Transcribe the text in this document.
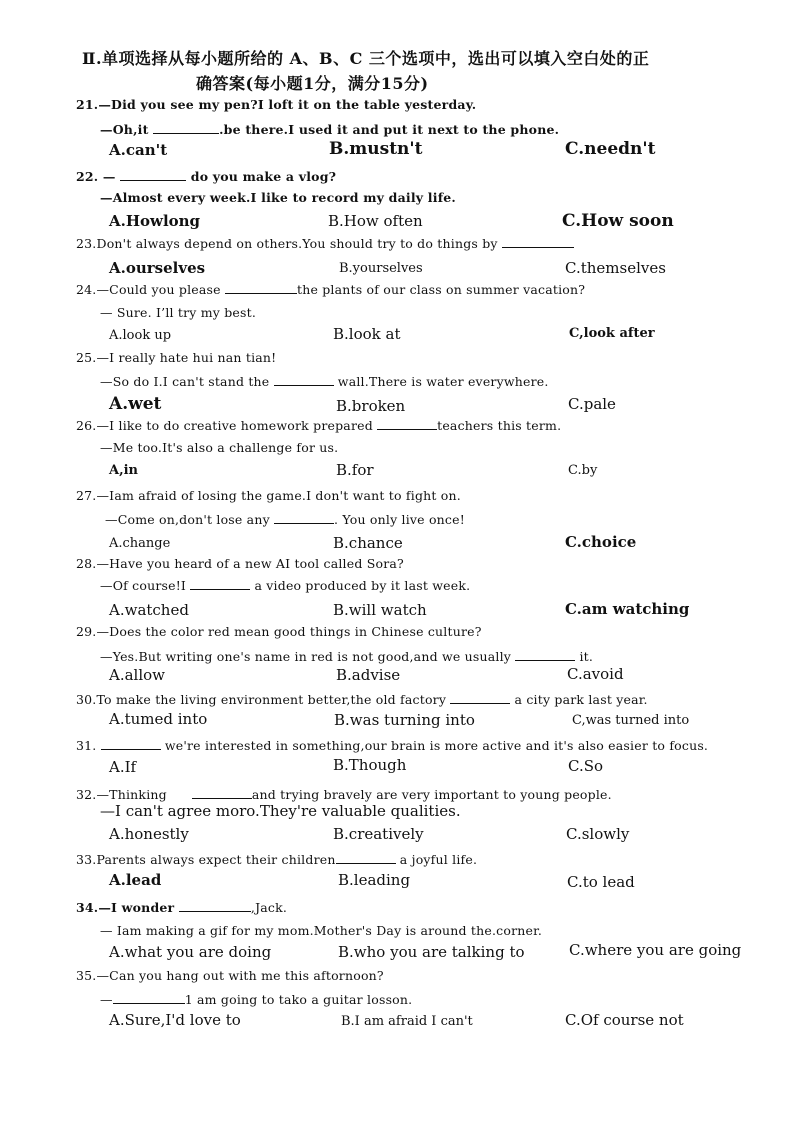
Ⅱ.单项选择从每小题所给的 A、B、C 三个选项中，选出可以填入空白处的正
确答案(每小题1分，满分15分)
21.—Did you see my pen?I loft it on the table yesterday.
—Oh,it	.be there.I used it and put it next to the phone.
A.can't	B.mustn't	C.needn't
22. —	do you make a vlog?
—Almost every week.I like to record my daily life.
A.Howlong	B.How often	C.How soon
23.Don't always depend on others.You should try to do things by
A.ourselves	B.yourselves	C.themselves
24.—Could you please	the plants of our class on summer vacation?
— Sure. I’ll try my best.
A.look up	B.look at	C,look after
25.—I really hate hui nan tian!
—So do I.I can't stand the	wall.There is water everywhere.
A.wet	B.broken	C.pale
26.—I like to do creative homework prepared	teachers this term.
—Me too.It's also a challenge for us.
A,in	B.for	C.by
27.—Iam afraid of losing the game.I don't want to fight on.
—Come on,don't lose any	. You only live once!
A.change	B.chance	C.choice
28.—Have you heard of a new AI tool called Sora?
—Of course!I	a video produced by it last week.
A.watched	B.will watch	C.am watching
29.—Does the color red mean good things in Chinese culture?
—Yes.But writing one's name in red is not good,and we usually	it.
A.allow	B.advise	C.avoid
30.To make the living environment better,the old factory	a city park last year.
A.tumed into	B.was turning into	C,was turned into
31.	we're interested in something,our brain is more active and it's also easier to focus.
A.If	B.Though	C.So
32.—Thinking	and trying bravely are very important to young people.
—I can't agree moro.They're valuable qualities.
A.honestly	B.creatively	C.slowly
33.Parents always expect their children	a joyful life.
A.lead	B.leading	C.to lead
34.—I wonder	,Jack.
— Iam making a gif for my mom.Mother's Day is around the.corner.
A.what you are doing	B.who you are talking to	C.where you are going
35.—Can you hang out with me this aftornoon?
—	1 am going to tako a guitar losson.
A.Sure,I'd love to	B.I am afraid I can't	C.Of course not
